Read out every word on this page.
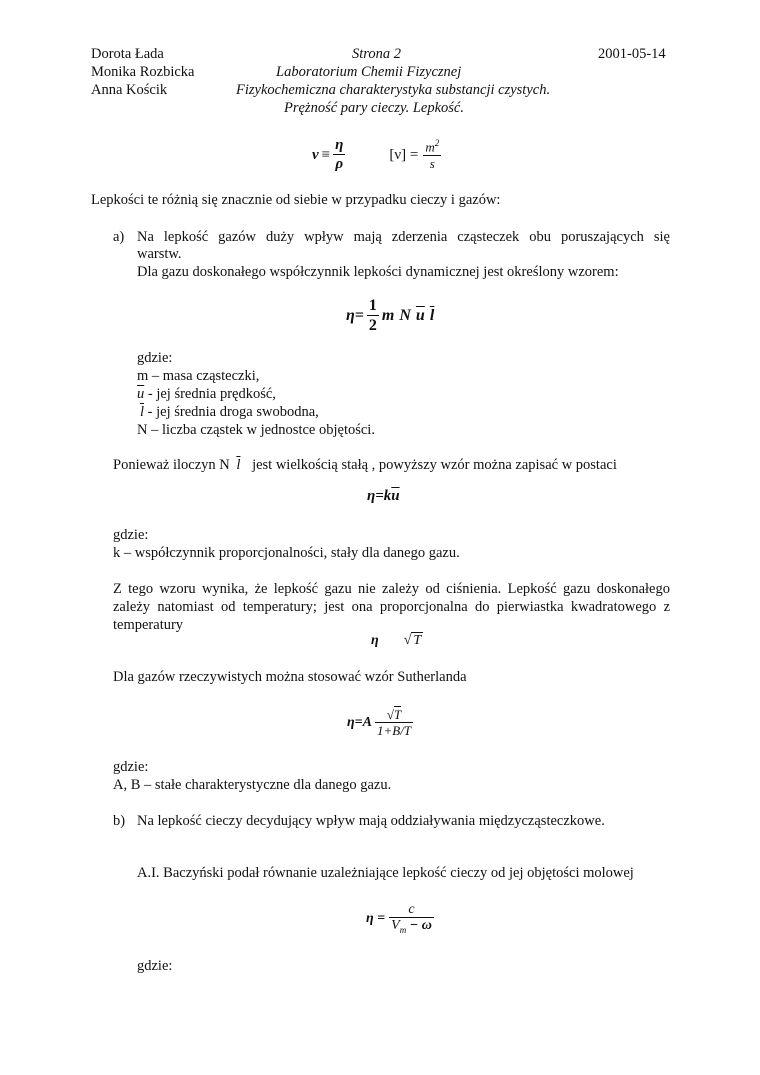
Dorota Łada
Monika Rozbicka
Anna Kościk
Strona 2	2001-05-14
Laboratorium Chemii Fizycznej
Fizykochemiczna charakterystyka substancji czystych.
Prężność pary cieczy. Lepkość.
$\nu \equiv \frac{\eta}{\rho}$	$[\nu] = \frac{m^2}{s}$
Lepkości te różnią się znacznie od siebie w przypadku cieczy i gazów:
a) Na lepkość gazów duży wpływ mają zderzenia cząsteczek obu poruszających się
warstw.
Dla gazu doskonałego współczynnik lepkości dynamicznej jest określony wzorem:
$\eta= \frac{1}{2}$ m N $\overline{u}$ $\overline{l}$
gdzie:
m – masa cząsteczki,
$\overline{u}$ - jej średnia prędkość,
$\overline{l}$ - jej średnia droga swobodna,
N – liczba cząstek w jednostce objętości.
Ponieważ iloczyn N $\overline{l}$ jest wielkością stałą , powyższy wzór można zapisać w postaci
$\eta=k\overline{u}$
gdzie:
k – współczynnik proporcjonalności, stały dla danego gazu.
Z tego wzoru wynika, że lepkość gazu nie zależy od ciśnienia. Lepkość gazu doskonałego
zależy natomiast od temperatury; jest ona proporcjonalna do pierwiastka kwadratowego z
temperatury
η √ T
Dla gazów rzeczywistych można stosować wzór Sutherlanda
$\eta=A \frac{√T}{1+B/T}$
gdzie:
A, B – stałe charakterystyczne dla danego gazu.
b) Na lepkość cieczy decydujący wpływ mają oddziaływania międzycząsteczkowe.
A.I. Baczyński podał równanie uzależniające lepkość cieczy od jej objętości molowej
$\eta = \frac{c}{V_m - \omega}$
gdzie:
